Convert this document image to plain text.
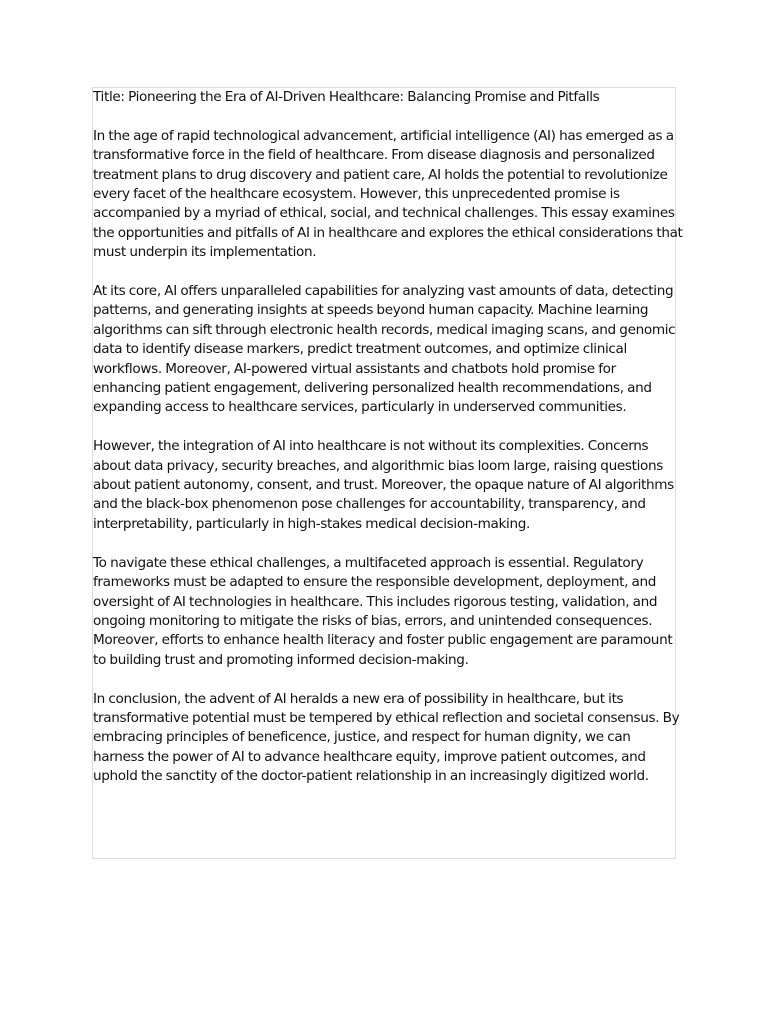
Title: Pioneering the Era of AI-Driven Healthcare: Balancing Promise and Pitfalls

In the age of rapid technological advancement, artificial intelligence (AI) has emerged as a transformative force in the field of healthcare. From disease diagnosis and personalized treatment plans to drug discovery and patient care, AI holds the potential to revolutionize every facet of the healthcare ecosystem. However, this unprecedented promise is accompanied by a myriad of ethical, social, and technical challenges. This essay examines the opportunities and pitfalls of AI in healthcare and explores the ethical considerations that must underpin its implementation.

At its core, AI offers unparalleled capabilities for analyzing vast amounts of data, detecting patterns, and generating insights at speeds beyond human capacity. Machine learning algorithms can sift through electronic health records, medical imaging scans, and genomic data to identify disease markers, predict treatment outcomes, and optimize clinical workflows. Moreover, AI-powered virtual assistants and chatbots hold promise for enhancing patient engagement, delivering personalized health recommendations, and expanding access to healthcare services, particularly in underserved communities.

However, the integration of AI into healthcare is not without its complexities. Concerns about data privacy, security breaches, and algorithmic bias loom large, raising questions about patient autonomy, consent, and trust. Moreover, the opaque nature of AI algorithms and the black-box phenomenon pose challenges for accountability, transparency, and interpretability, particularly in high-stakes medical decision-making.

To navigate these ethical challenges, a multifaceted approach is essential. Regulatory frameworks must be adapted to ensure the responsible development, deployment, and oversight of AI technologies in healthcare. This includes rigorous testing, validation, and ongoing monitoring to mitigate the risks of bias, errors, and unintended consequences. Moreover, efforts to enhance health literacy and foster public engagement are paramount to building trust and promoting informed decision-making.

In conclusion, the advent of AI heralds a new era of possibility in healthcare, but its transformative potential must be tempered by ethical reflection and societal consensus. By embracing principles of beneficence, justice, and respect for human dignity, we can harness the power of AI to advance healthcare equity, improve patient outcomes, and uphold the sanctity of the doctor-patient relationship in an increasingly digitized world.
